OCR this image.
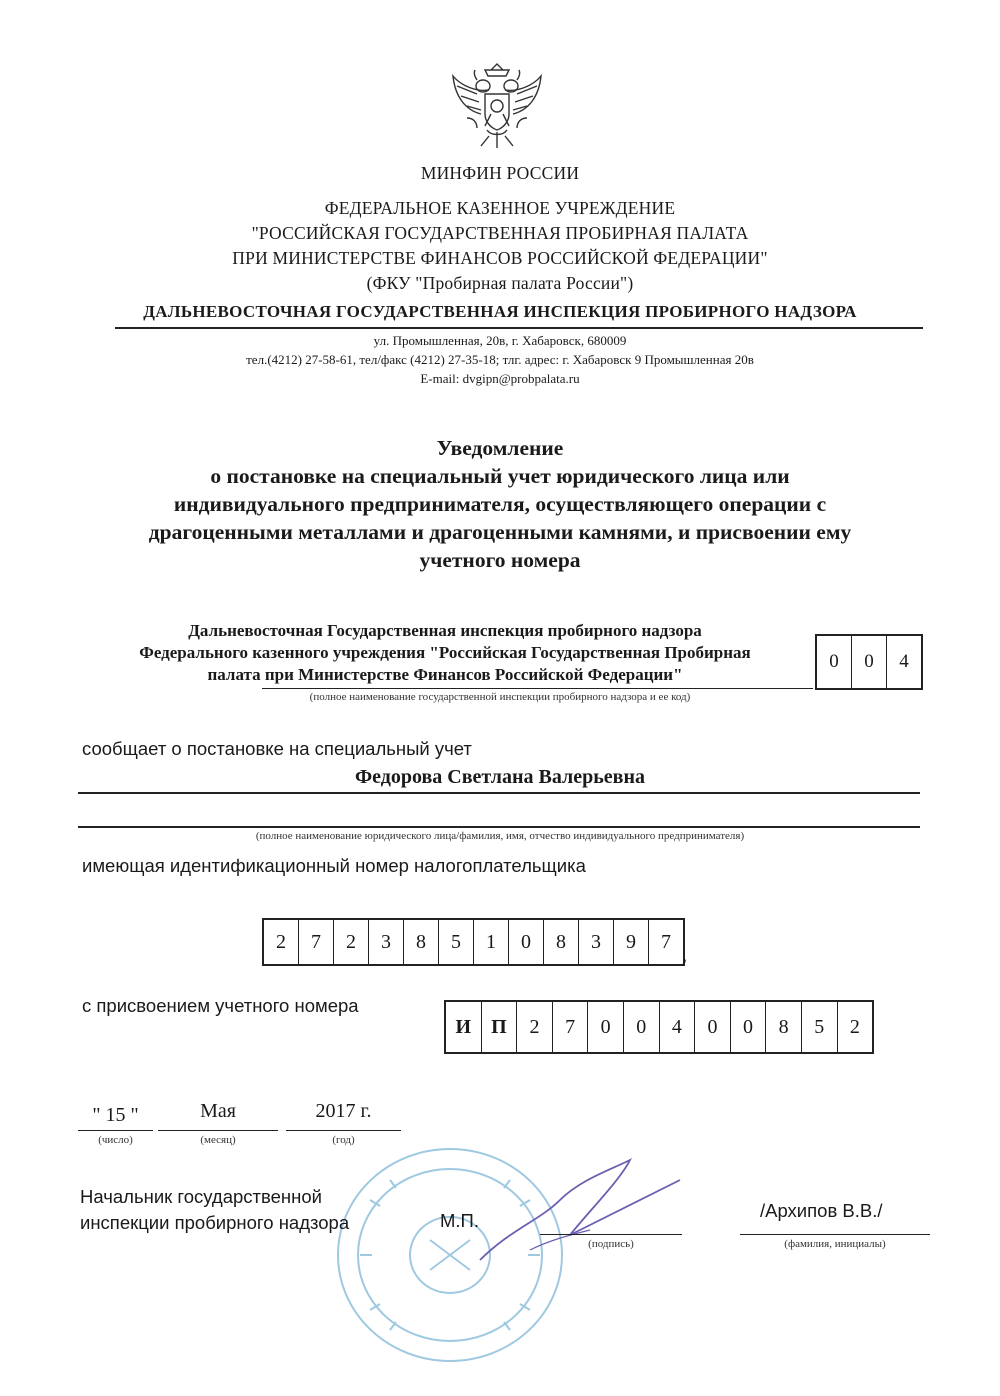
МИНФИН РОССИИ
ФЕДЕРАЛЬНОЕ КАЗЕННОЕ УЧРЕЖДЕНИЕ
"РОССИЙСКАЯ ГОСУДАРСТВЕННАЯ ПРОБИРНАЯ ПАЛАТА
ПРИ МИНИСТЕРСТВЕ ФИНАНСОВ РОССИЙСКОЙ ФЕДЕРАЦИИ"
(ФКУ "Пробирная палата России")
ДАЛЬНЕВОСТОЧНАЯ ГОСУДАРСТВЕННАЯ ИНСПЕКЦИЯ ПРОБИРНОГО НАДЗОРА
ул. Промышленная, 20в, г. Хабаровск, 680009
тел.(4212) 27-58-61, тел/факс (4212) 27-35-18; тлг. адрес: г. Хабаровск 9 Промышленная 20в
E-mail: dvgipn@probpalata.ru
Уведомление
о постановке на специальный учет юридического лица или
индивидуального предпринимателя, осуществляющего операции с
драгоценными металлами и драгоценными камнями, и присвоении ему
учетного номера
Дальневосточная Государственная инспекция пробирного надзора
Федерального казенного учреждения "Российская Государственная Пробирная
палата при Министерстве Финансов Российской Федерации"
0	0	4
(полное наименование государственной инспекции пробирного надзора и ее код)
сообщает о постановке на специальный учет
Федорова Светлана Валерьевна
(полное наименование юридического лица/фамилия, имя, отчество индивидуального предпринимателя)
имеющая идентификационный номер налогоплательщика
2	7	2	3	8	5	1	0	8	3	9	7
,
с присвоением учетного номера
И	П	2	7	0	0	4	0	0	8	5	2
" 15 "
(число)
Мая
(месяц)
2017 г.
(год)
Начальник государственной
инспекции пробирного надзора	М.П.
(подпись)
/Архипов В.В./
(фамилия, инициалы)
